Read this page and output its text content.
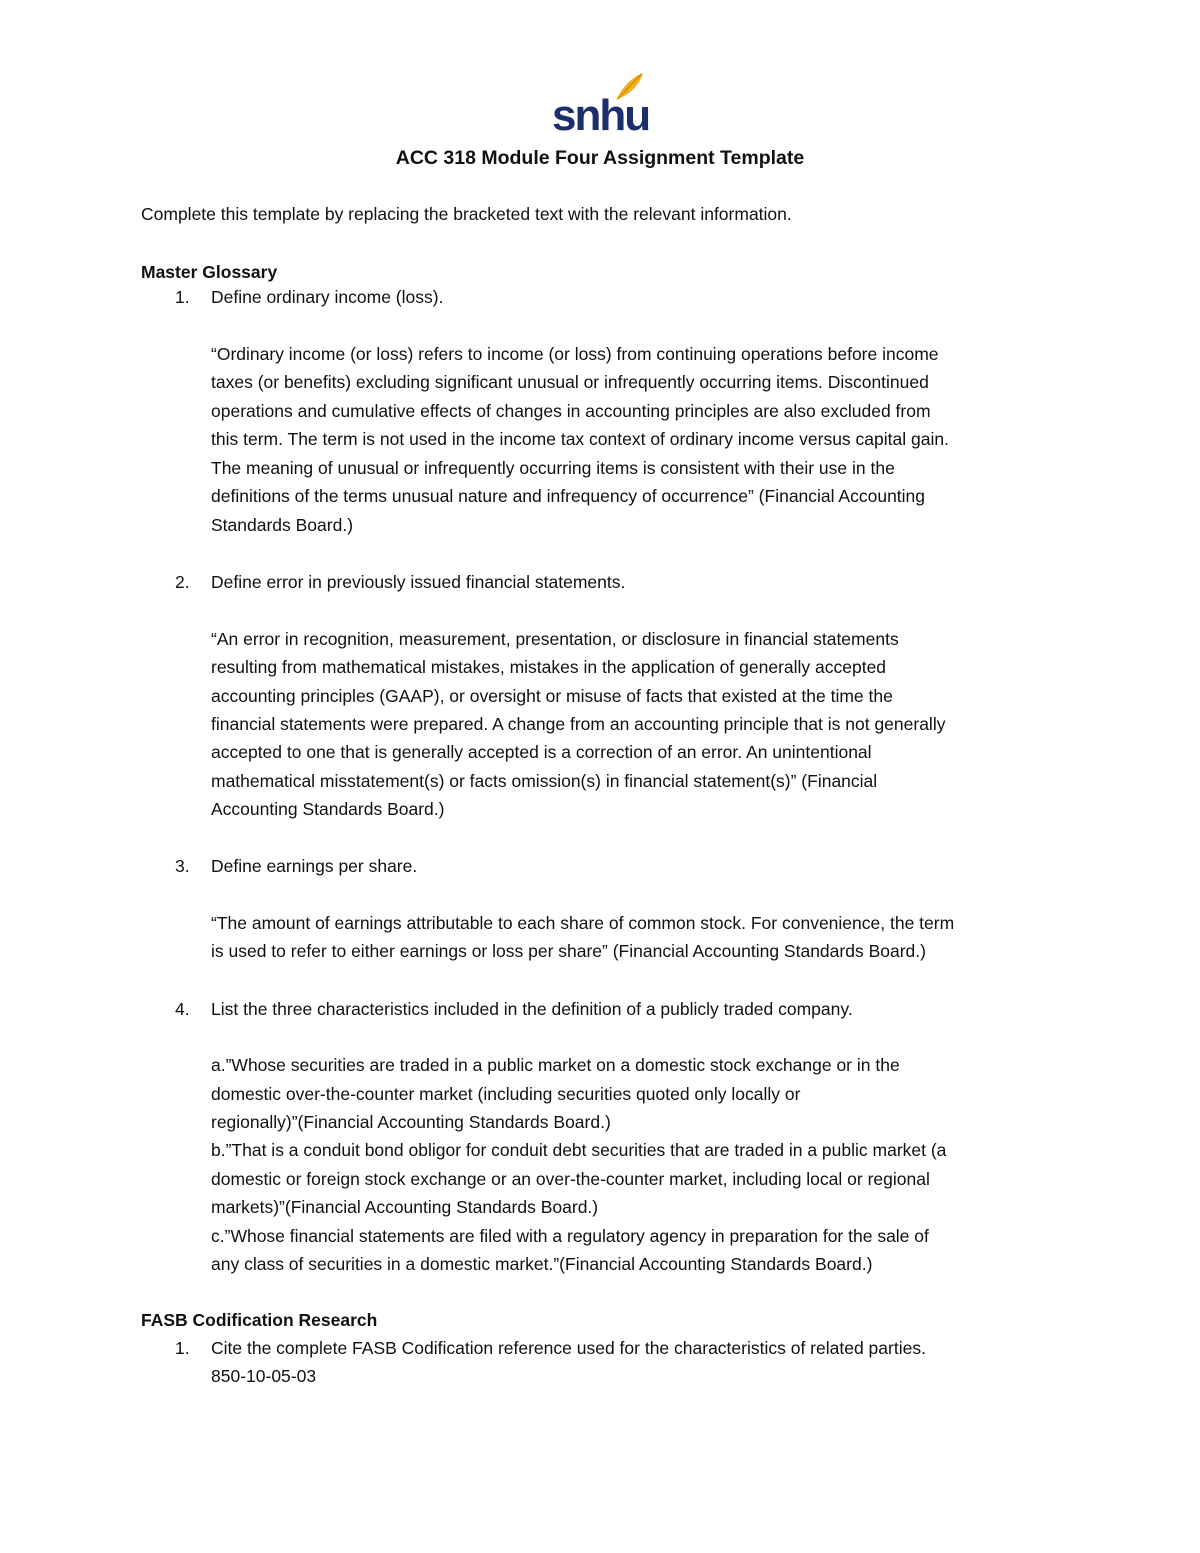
snhu
ACC 318 Module Four Assignment Template
Complete this template by replacing the bracketed text with the relevant information.
Master Glossary
1. Define ordinary income (loss).
“Ordinary income (or loss) refers to income (or loss) from continuing operations before income
taxes (or benefits) excluding significant unusual or infrequently occurring items. Discontinued
operations and cumulative effects of changes in accounting principles are also excluded from
this term. The term is not used in the income tax context of ordinary income versus capital gain.
The meaning of unusual or infrequently occurring items is consistent with their use in the
definitions of the terms unusual nature and infrequency of occurrence” (Financial Accounting
Standards Board.)
2. Define error in previously issued financial statements.
“An error in recognition, measurement, presentation, or disclosure in financial statements
resulting from mathematical mistakes, mistakes in the application of generally accepted
accounting principles (GAAP), or oversight or misuse of facts that existed at the time the
financial statements were prepared. A change from an accounting principle that is not generally
accepted to one that is generally accepted is a correction of an error. An unintentional
mathematical misstatement(s) or facts omission(s) in financial statement(s)” (Financial
Accounting Standards Board.)
3. Define earnings per share.
“The amount of earnings attributable to each share of common stock. For convenience, the term
is used to refer to either earnings or loss per share” (Financial Accounting Standards Board.)
4. List the three characteristics included in the definition of a publicly traded company.
a.”Whose securities are traded in a public market on a domestic stock exchange or in the
domestic over-the-counter market (including securities quoted only locally or
regionally)”(Financial Accounting Standards Board.)
b.”That is a conduit bond obligor for conduit debt securities that are traded in a public market (a
domestic or foreign stock exchange or an over-the-counter market, including local or regional
markets)”(Financial Accounting Standards Board.)
c.”Whose financial statements are filed with a regulatory agency in preparation for the sale of
any class of securities in a domestic market.”(Financial Accounting Standards Board.)
FASB Codification Research
1. Cite the complete FASB Codification reference used for the characteristics of related parties.
850-10-05-03
